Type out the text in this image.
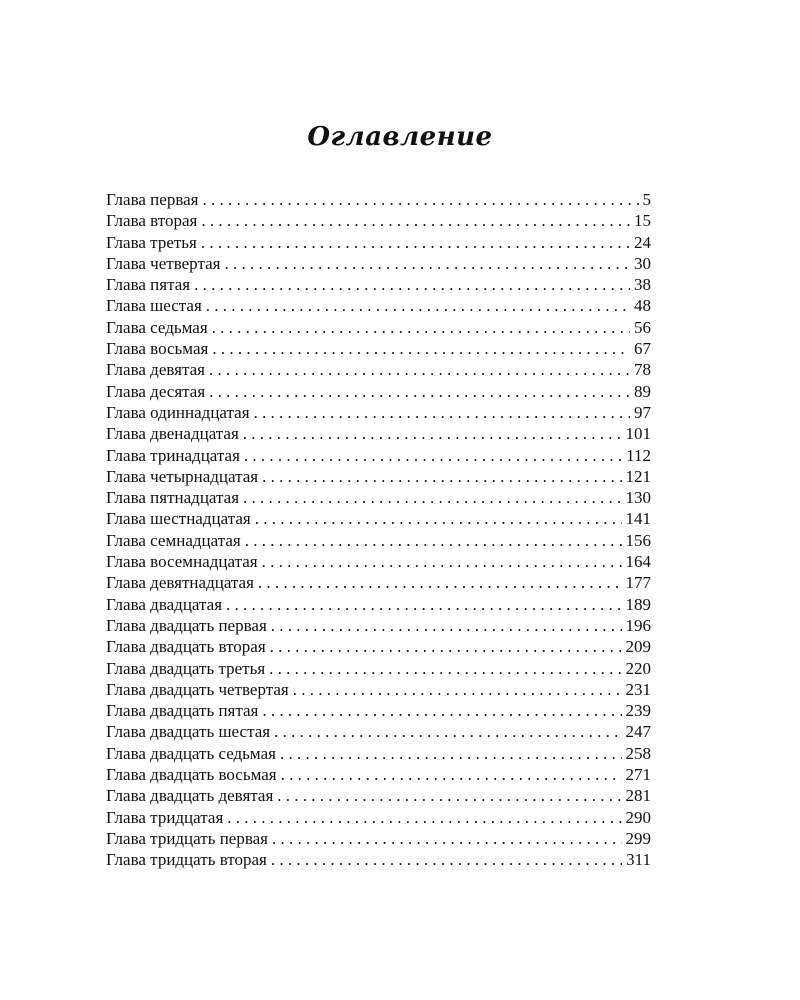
Оглавление
Глава первая . . .	5
Глава вторая . . .	15
Глава третья . . .	24
Глава четвертая . . .	30
Глава пятая . . .	38
Глава шестая . . .	48
Глава седьмая . . .	56
Глава восьмая . . .	67
Глава девятая . . .	78
Глава десятая . . .	89
Глава одиннадцатая . . .	97
Глава двенадцатая . . .	101
Глава тринадцатая . . .	112
Глава четырнадцатая . . .	121
Глава пятнадцатая . . .	130
Глава шестнадцатая . . .	141
Глава семнадцатая . . .	156
Глава восемнадцатая . . .	164
Глава девятнадцатая . . .	177
Глава двадцатая . . .	189
Глава двадцать первая . . .	196
Глава двадцать вторая . . .	209
Глава двадцать третья . . .	220
Глава двадцать четвертая . . .	231
Глава двадцать пятая . . .	239
Глава двадцать шестая . . .	247
Глава двадцать седьмая . . .	258
Глава двадцать восьмая . . .	271
Глава двадцать девятая . . .	281
Глава тридцатая . . .	290
Глава тридцать первая . . .	299
Глава тридцать вторая . . .	311
